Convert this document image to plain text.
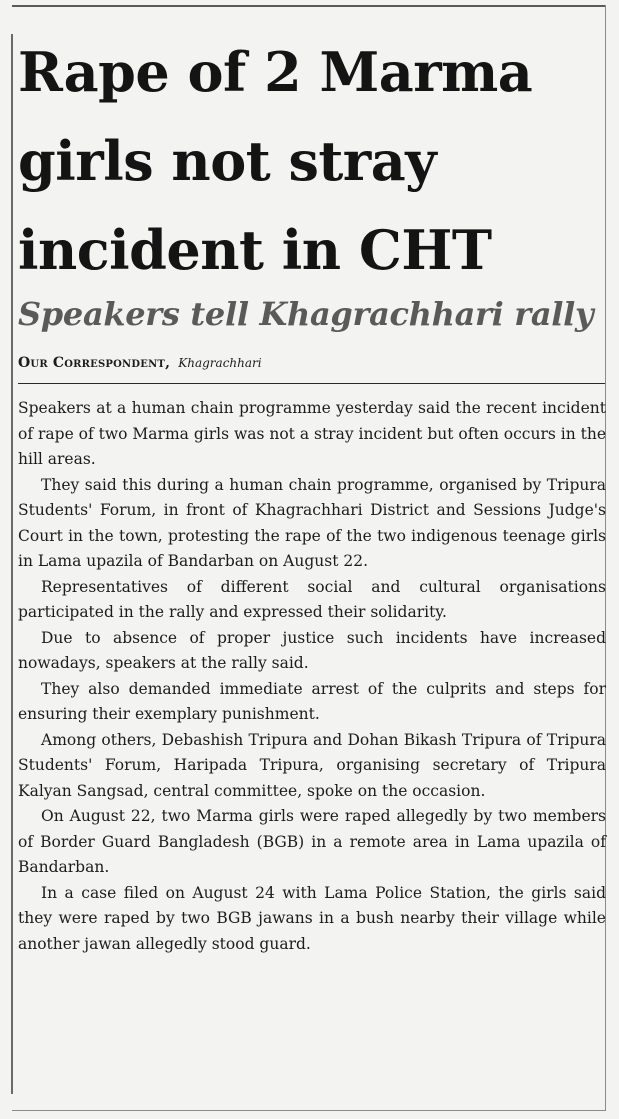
Rape of 2 Marma girls not stray incident in CHT
Speakers tell Khagrachhari rally
Our Correspondent, Khagrachhari

Speakers at a human chain programme yesterday said the recent incident of rape of two Marma girls was not a stray incident but often occurs in the hill areas.

They said this during a human chain programme, organised by Tripura Students' Forum, in front of Khagrachhari District and Sessions Judge's Court in the town, protesting the rape of the two indigenous teenage girls in Lama upazila of Bandarban on August 22.

Representatives of different social and cultural organisations participated in the rally and expressed their solidarity.

Due to absence of proper justice such incidents have increased nowadays, speakers at the rally said.

They also demanded immediate arrest of the culprits and steps for ensuring their exemplary punishment.

Among others, Debashish Tripura and Dohan Bikash Tripura of Tripura Students' Forum, Haripada Tripura, organising secretary of Tripura Kalyan Sangsad, central committee, spoke on the occasion.

On August 22, two Marma girls were raped allegedly by two members of Border Guard Bangladesh (BGB) in a remote area in Lama upazila of Bandarban.

In a case filed on August 24 with Lama Police Station, the girls said they were raped by two BGB jawans in a bush nearby their village while another jawan allegedly stood guard.
